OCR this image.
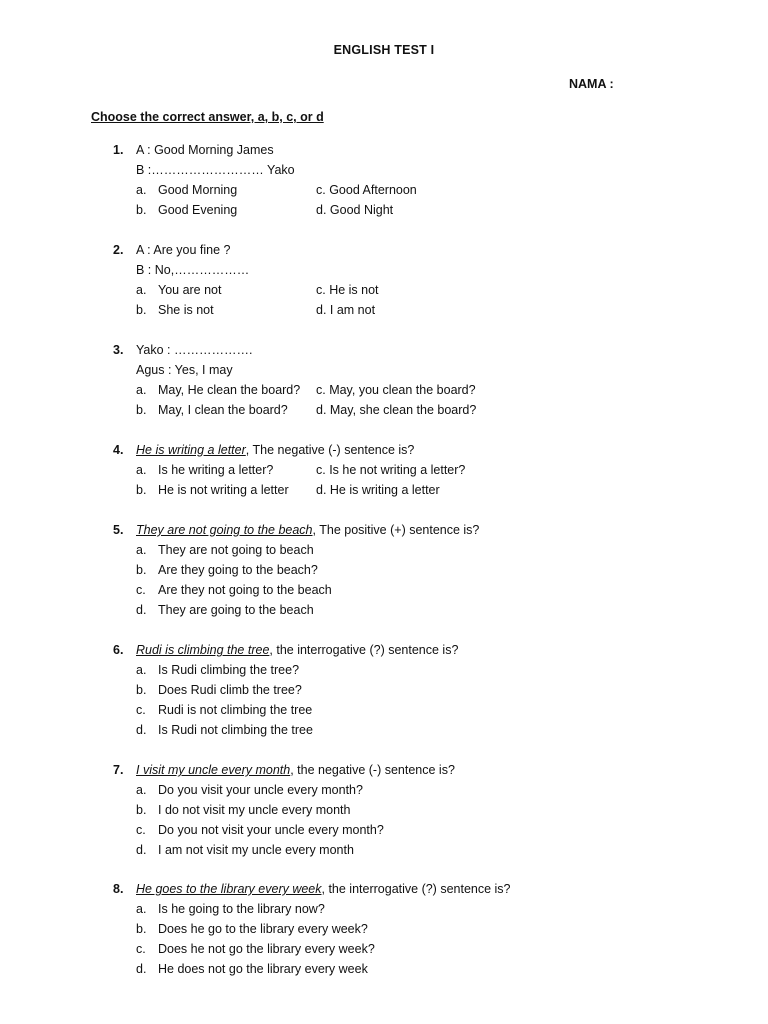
ENGLISH TEST I
NAMA :
Choose the correct answer, a, b, c, or d
1. A : Good Morning James
B :……………………… Yako
a. Good Morning	c. Good Afternoon
b. Good Evening	d. Good Night
2. A : Are you fine ?
B : No,………………
a. You are not	c. He is not
b. She is not	d. I am not
3. Yako : ……………….
Agus : Yes, I may
a. May, He clean the board? c. May, you clean the board?
b. May, I clean the board? d. May, she clean the board?
4. He is writing a letter, The negative (-) sentence is?
a. Is he writing a letter?	c. Is he not writing a letter?
b. He is not writing a letter d. He is writing a letter
5. They are not going to the beach, The positive (+) sentence is?
a. They are not going to beach
b. Are they going to the beach?
c. Are they not going to the beach
d. They are going to the beach
6. Rudi is climbing the tree, the interrogative (?) sentence is?
a. Is Rudi climbing the tree?
b. Does Rudi climb the tree?
c. Rudi is not climbing the tree
d. Is Rudi not climbing the tree
7. I visit my uncle every month, the negative (-) sentence is?
a. Do you visit your uncle every month?
b. I do not visit my uncle every month
c. Do you not visit your uncle every month?
d. I am not visit my uncle every month
8. He goes to the library every week, the interrogative (?) sentence is?
a. Is he going to the library now?
b. Does he go to the library every week?
c. Does he not go the library every week?
d. He does not go the library every week
